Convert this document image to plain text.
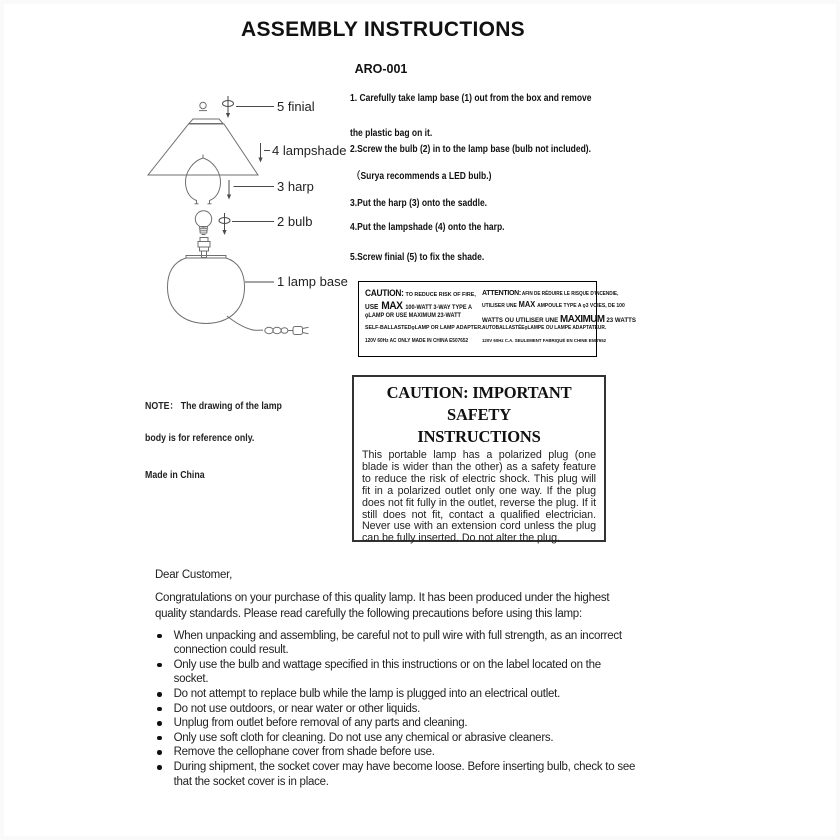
ASSEMBLY INSTRUCTIONS
ARO-001
5 finial
4 lampshade
3 harp
2 bulb
1 lamp base
1. Carefully take lamp base (1) out from the box and remove
the plastic bag on it.
2.Screw the bulb (2) in to the lamp base (bulb not included).
（Surya recommends a LED bulb.)
3.Put the harp (3) onto the saddle.
4.Put the lampshade (4) onto the harp.
5.Screw finial (5) to fix the shade.
CAUTION: TO REDUCE RISK OF FIRE,
USE MAX 100-WATT 3-WAY TYPE A
ϙLAMP OR USE MAXIMUM 23-WATT
SELF-BALLASTEDϙLAMP OR LAMP ADAPTER.
120V 60Hz AC ONLY MADE IN CHINA E507652
ATTENTION: AFIN DE RÉDUIRE LE RISQUE D'INCENDIE,
UTILISER UNE MAX AMPOULE TYPE A ϙ3 VOIES, DE 100
WATTS OU UTILISER UNE MAXIMUM 23 WATTS
AUTOBALLASTÉEϙLAMPE OU LAMPE ADAPTATEUR.
120V 60Hz C.A. SEULEMENT FABRIQUÉ EN CHINE E507652
CAUTION: IMPORTANT SAFETY
INSTRUCTIONS
This portable lamp has a polarized plug (one blade is wider than the other) as a safety feature to reduce the risk of electric shock. This plug will fit in a polarized outlet only one way. If the plug does not fit fully in the outlet, reverse the plug. If it still does not fit, contact a qualified electrician. Never use with an extension cord unless the plug can be fully inserted. Do not alter the plug.
NOTE： The drawing of the lamp
body is for reference only.
Made in China
Dear Customer,
Congratulations on your purchase of this quality lamp. It has been produced under the highest
quality standards. Please read carefully the following precautions before using this lamp:
When unpacking and assembling, be careful not to pull wire with full strength, as an incorrect
connection could result.
Only use the bulb and wattage specified in this instructions or on the label located on the
socket.
Do not attempt to replace bulb while the lamp is plugged into an electrical outlet.
Do not use outdoors, or near water or other liquids.
Unplug from outlet before removal of any parts and cleaning.
Only use soft cloth for cleaning. Do not use any chemical or abrasive cleaners.
Remove the cellophane cover from shade before use.
During shipment, the socket cover may have become loose. Before inserting bulb, check to see
that the socket cover is in place.
